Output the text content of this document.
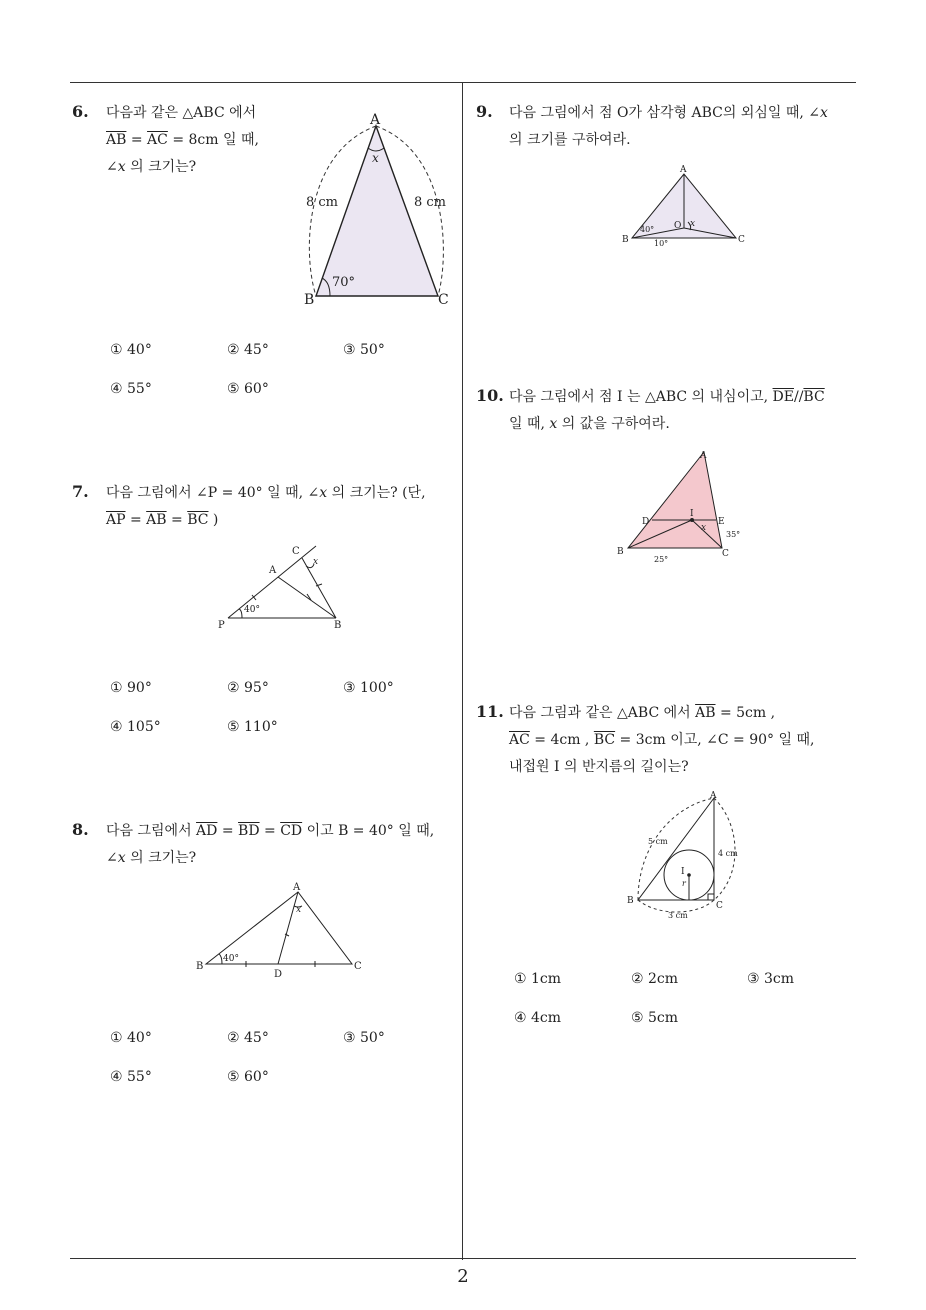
6. 다음과 같은 △ABC 에서
$\overline{AB} = \overline{AC} = 8cm$ 일 때,
∠x 의 크기는?
A
B	C
x
8 cm	8 cm
70°
① 40°	② 45°	③ 50°
④ 55°	⑤ 60°
7. 다음 그림에서 ∠P = 40° 일 때, ∠x 의 크기는? (단,
$\overline{AP} = \overline{AB} = \overline{BC}$ )
P
A
B
C
x
40°
① 90°	② 95°	③ 100°
④ 105°	⑤ 110°
8. 다음 그림에서 $\overline{AD} = \overline{BD} = \overline{CD}$ 이고 B = 40° 일 때,
∠x 의 크기는?
A
B	C
D
x
40°
① 40°	② 45°	③ 50°
④ 55°	⑤ 60°
9. 다음 그림에서 점 O가 삼각형 ABC의 외심일 때, ∠x
의 크기를 구하여라.
A
B	C
O x
40°
10°
10. 다음 그림에서 점 I 는 △ABC 의 내심이고, $\overline{DE}//\overline{BC}$
일 때, x 의 값을 구하여라.
A
B	C
D	E
I
x
35°
25°
11. 다음 그림과 같은 △ABC 에서 $\overline{AB} = 5cm$ ,
$\overline{AC} = 4cm$ , $\overline{BC} = 3cm$ 이고, ∠C = 90° 일 때,
내접원 I 의 반지름의 길이는?
A
B	C
I
r
5 cm
4 cm
3 cm
① 1cm	② 2cm	③ 3cm
④ 4cm	⑤ 5cm
2
